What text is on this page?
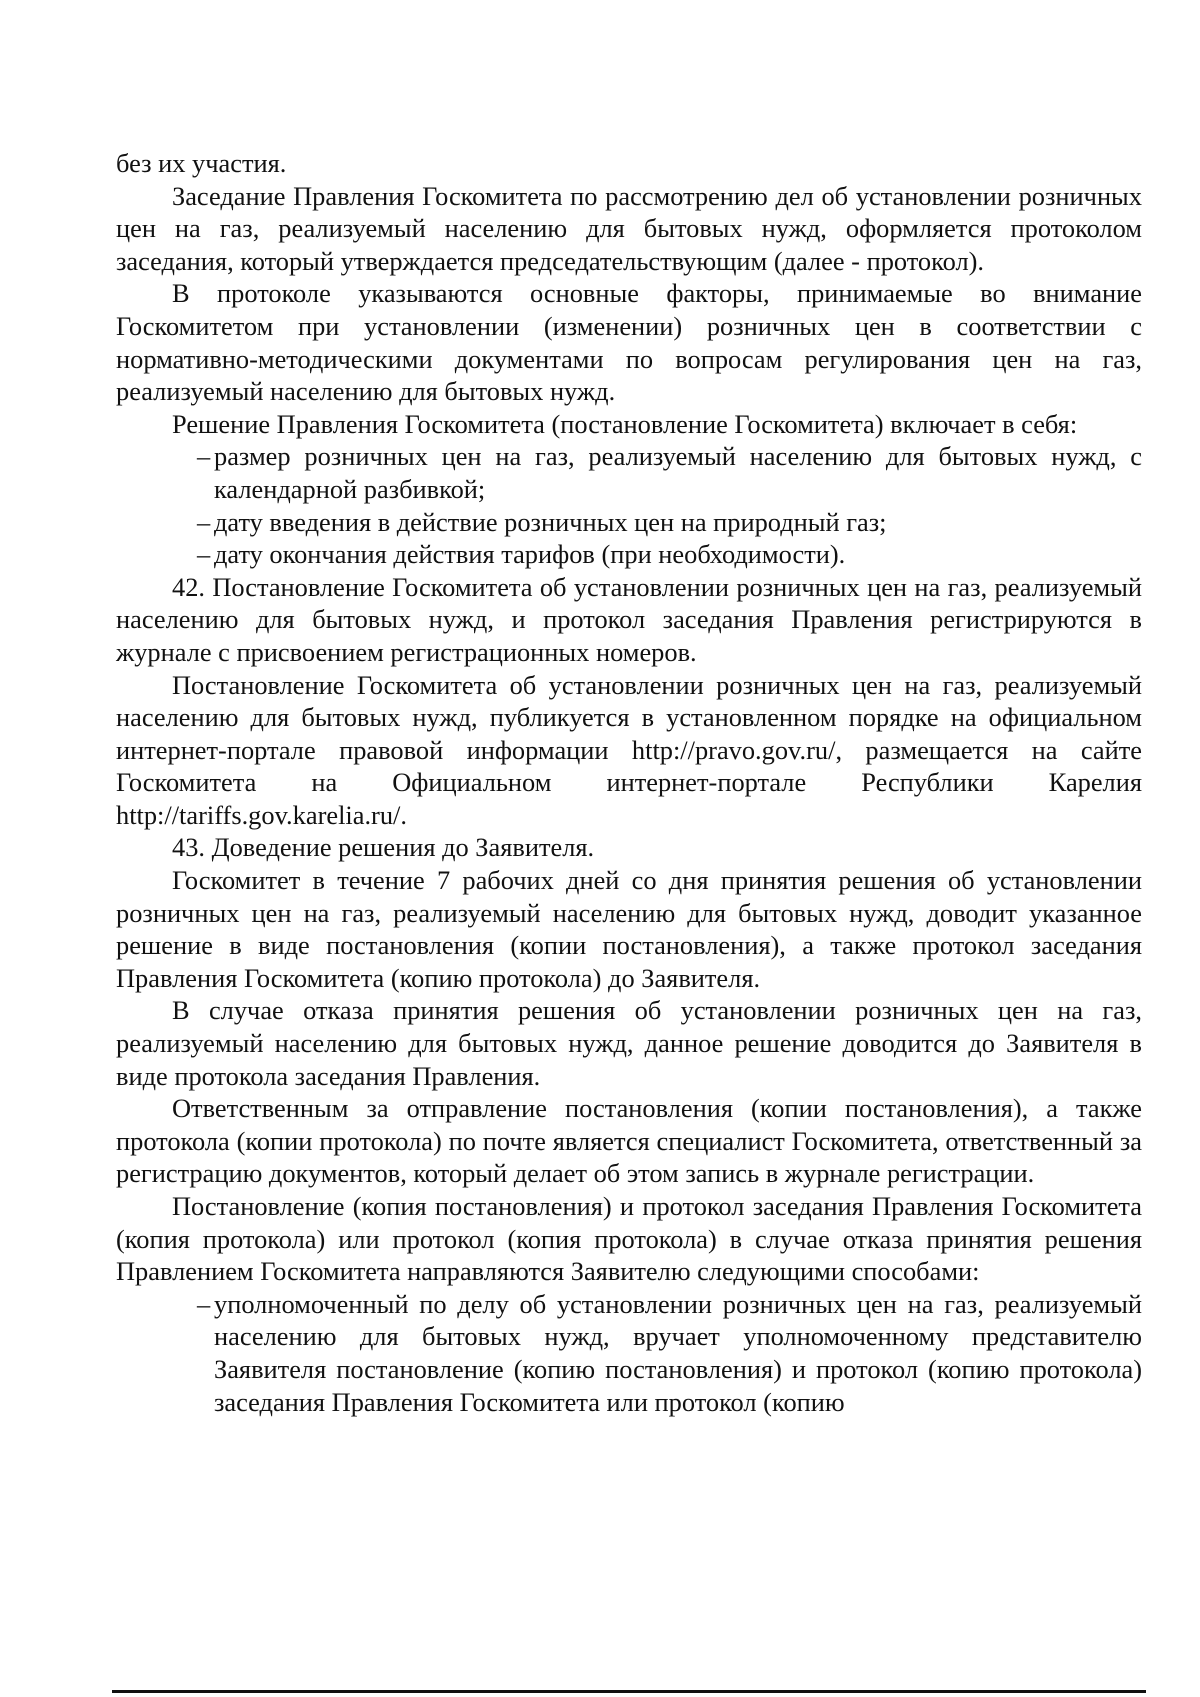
без их участия.

Заседание Правления Госкомитета по рассмотрению дел об установлении розничных цен на газ, реализуемый населению для бытовых нужд, оформляется протоколом заседания, который утверждается председательствующим (далее - протокол).

В протоколе указываются основные факторы, принимаемые во внимание Госкомитетом при установлении (изменении) розничных цен в соответствии с нормативно-методическими документами по вопросам регулирования цен на газ, реализуемый населению для бытовых нужд.

Решение Правления Госкомитета (постановление Госкомитета) включает в себя:

– размер розничных цен на газ, реализуемый населению для бытовых нужд, с календарной разбивкой;

– дату введения в действие розничных цен на природный газ;

– дату окончания действия тарифов (при необходимости).

42. Постановление Госкомитета об установлении розничных цен на газ, реализуемый населению для бытовых нужд, и протокол заседания Правления регистрируются в журнале с присвоением регистрационных номеров.

Постановление Госкомитета об установлении розничных цен на газ, реализуемый населению для бытовых нужд, публикуется в установленном порядке на официальном интернет-портале правовой информации http://pravo.gov.ru/, размещается на сайте Госкомитета на Официальном интернет-портале Республики Карелия http://tariffs.gov.karelia.ru/.

43. Доведение решения до Заявителя.

Госкомитет в течение 7 рабочих дней со дня принятия решения об установлении розничных цен на газ, реализуемый населению для бытовых нужд, доводит указанное решение в виде постановления (копии постановления), а также протокол заседания Правления Госкомитета (копию протокола) до Заявителя.

В случае отказа принятия решения об установлении розничных цен на газ, реализуемый населению для бытовых нужд, данное решение доводится до Заявителя в виде протокола заседания Правления.

Ответственным за отправление постановления (копии постановления), а также протокола (копии протокола) по почте является специалист Госкомитета, ответственный за регистрацию документов, который делает об этом запись в журнале регистрации.

Постановление (копия постановления) и протокол заседания Правления Госкомитета (копия протокола) или протокол (копия протокола) в случае отказа принятия решения Правлением Госкомитета направляются Заявителю следующими способами:

– уполномоченный по делу об установлении розничных цен на газ, реализуемый населению для бытовых нужд, вручает уполномоченному представителю Заявителя постановление (копию постановления) и протокол (копию протокола) заседания Правления Госкомитета или протокол (копию
